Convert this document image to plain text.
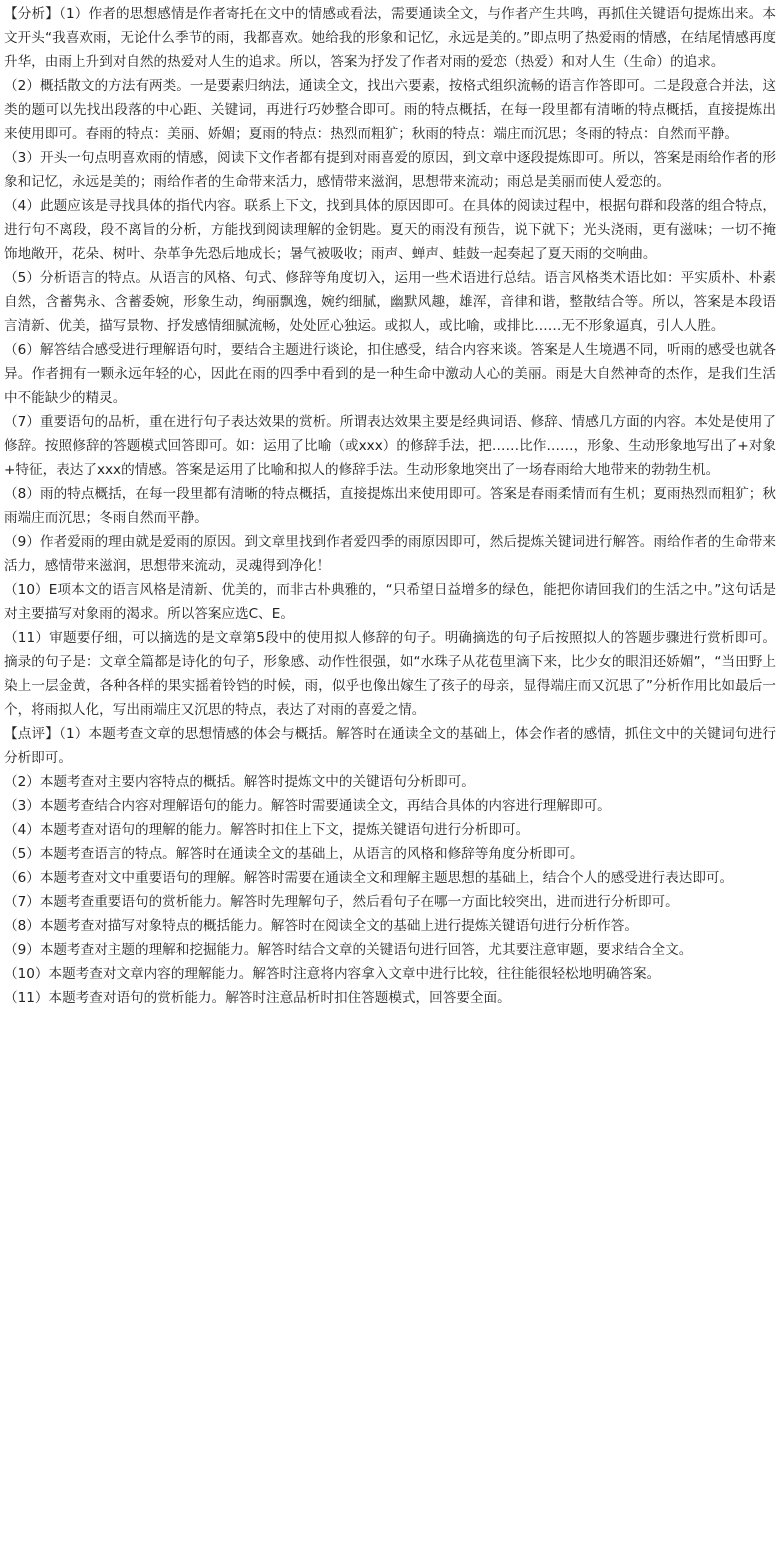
【分析】（1）作者的思想感情是作者寄托在文中的情感或看法，需要通读全文，与作者产生共鸣，再抓住关键语句提炼出来。本文开头“我喜欢雨，无论什么季节的雨，我都喜欢。她给我的形象和记忆，永远是美的。”即点明了热爱雨的情感，在结尾情感再度升华，由雨上升到对自然的热爱对人生的追求。所以，答案为抒发了作者对雨的爱恋（热爱）和对人生（生命）的追求。

（2）概括散文的方法有两类。一是要素归纳法，通读全文，找出六要素，按格式组织流畅的语言作答即可。二是段意合并法，这类的题可以先找出段落的中心距、关键词，再进行巧妙整合即可。雨的特点概括，在每一段里都有清晰的特点概括，直接提炼出来使用即可。春雨的特点：美丽、娇媚；夏雨的特点：热烈而粗犷；秋雨的特点：端庄而沉思；冬雨的特点：自然而平静。

（3）开头一句点明喜欢雨的情感，阅读下文作者都有提到对雨喜爱的原因，到文章中逐段提炼即可。所以，答案是雨给作者的形象和记忆，永远是美的；雨给作者的生命带来活力，感情带来滋润，思想带来流动；雨总是美丽而使人爱恋的。

（4）此题应该是寻找具体的指代内容。联系上下文，找到具体的原因即可。在具体的阅读过程中，根据句群和段落的组合特点，进行句不离段，段不离旨的分析，方能找到阅读理解的金钥匙。夏天的雨没有预告，说下就下；光头浇雨，更有滋味；一切不掩饰地敞开，花朵、树叶、杂革争先恐后地成长；暑气被吸收；雨声、蝉声、蛙鼓一起奏起了夏天雨的交响曲。

（5）分析语言的特点。从语言的风格、句式、修辞等角度切入，运用一些术语进行总结。语言风格类术语比如：平实质朴、朴素自然，含蓄隽永、含蓄委婉，形象生动，绚丽飘逸，婉约细腻，幽默风趣，雄浑，音律和谐，整散结合等。所以，答案是本段语言清新、优美，描写景物、抒发感情细腻流畅，处处匠心独运。或拟人，或比喻，或排比……无不形象逼真，引人人胜。

（6）解答结合感受进行理解语句时，要结合主题进行谈论，扣住感受，结合内容来谈。答案是人生境遇不同，听雨的感受也就各异。作者拥有一颗永远年轻的心，因此在雨的四季中看到的是一种生命中激动人心的美丽。雨是大自然神奇的杰作，是我们生活中不能缺少的精灵。

（7）重要语句的品析，重在进行句子表达效果的赏析。所谓表达效果主要是经典词语、修辞、情感几方面的内容。本处是使用了修辞。按照修辞的答题模式回答即可。如：运用了比喻（或xxx）的修辞手法，把……比作……，形象、生动形象地写出了+对象+特征，表达了xxx的情感。答案是运用了比喻和拟人的修辞手法。生动形象地突出了一场春雨给大地带来的勃勃生机。

（8）雨的特点概括，在每一段里都有清晰的特点概括，直接提炼出来使用即可。答案是春雨柔情而有生机；夏雨热烈而粗犷；秋雨端庄而沉思；冬雨自然而平静。

（9）作者爱雨的理由就是爱雨的原因。到文章里找到作者爱四季的雨原因即可，然后提炼关键词进行解答。雨给作者的生命带来活力，感情带来滋润，思想带来流动，灵魂得到净化！

（10）E项本文的语言风格是清新、优美的，而非古朴典雅的，“只希望日益增多的绿色，能把你请回我们的生活之中。”这句话是对主要描写对象雨的渴求。所以答案应选C、E。

（11）审题要仔细，可以摘选的是文章第5段中的使用拟人修辞的句子。明确摘选的句子后按照拟人的答题步骤进行赏析即可。摘录的句子是：文章全篇都是诗化的句子，形象感、动作性很强，如“水珠子从花苞里滴下来，比少女的眼泪还娇媚”，“当田野上染上一层金黄，各种各样的果实摇着铃铛的时候，雨，似乎也像出嫁生了孩子的母亲，显得端庄而又沉思了”分析作用比如最后一个，将雨拟人化，写出雨端庄又沉思的特点，表达了对雨的喜爱之情。

【点评】（1）本题考查文章的思想情感的体会与概括。解答时在通读全文的基础上，体会作者的感情，抓住文中的关键词句进行分析即可。

（2）本题考查对主要内容特点的概括。解答时提炼文中的关键语句分析即可。

（3）本题考查结合内容对理解语句的能力。解答时需要通读全文，再结合具体的内容进行理解即可。

（4）本题考查对语句的理解的能力。解答时扣住上下文，提炼关键语句进行分析即可。

（5）本题考查语言的特点。解答时在通读全文的基础上，从语言的风格和修辞等角度分析即可。

（6）本题考查对文中重要语句的理解。解答时需要在通读全文和理解主题思想的基础上，结合个人的感受进行表达即可。

（7）本题考查重要语句的赏析能力。解答时先理解句子，然后看句子在哪一方面比较突出，进而进行分析即可。

（8）本题考查对描写对象特点的概括能力。解答时在阅读全文的基础上进行提炼关键语句进行分析作答。

（9）本题考查对主题的理解和挖掘能力。解答时结合文章的关键语句进行回答，尤其要注意审题，要求结合全文。

（10）本题考查对文章内容的理解能力。解答时注意将内容拿入文章中进行比较，往往能很轻松地明确答案。

（11）本题考查对语句的赏析能力。解答时注意品析时扣住答题模式，回答要全面。
